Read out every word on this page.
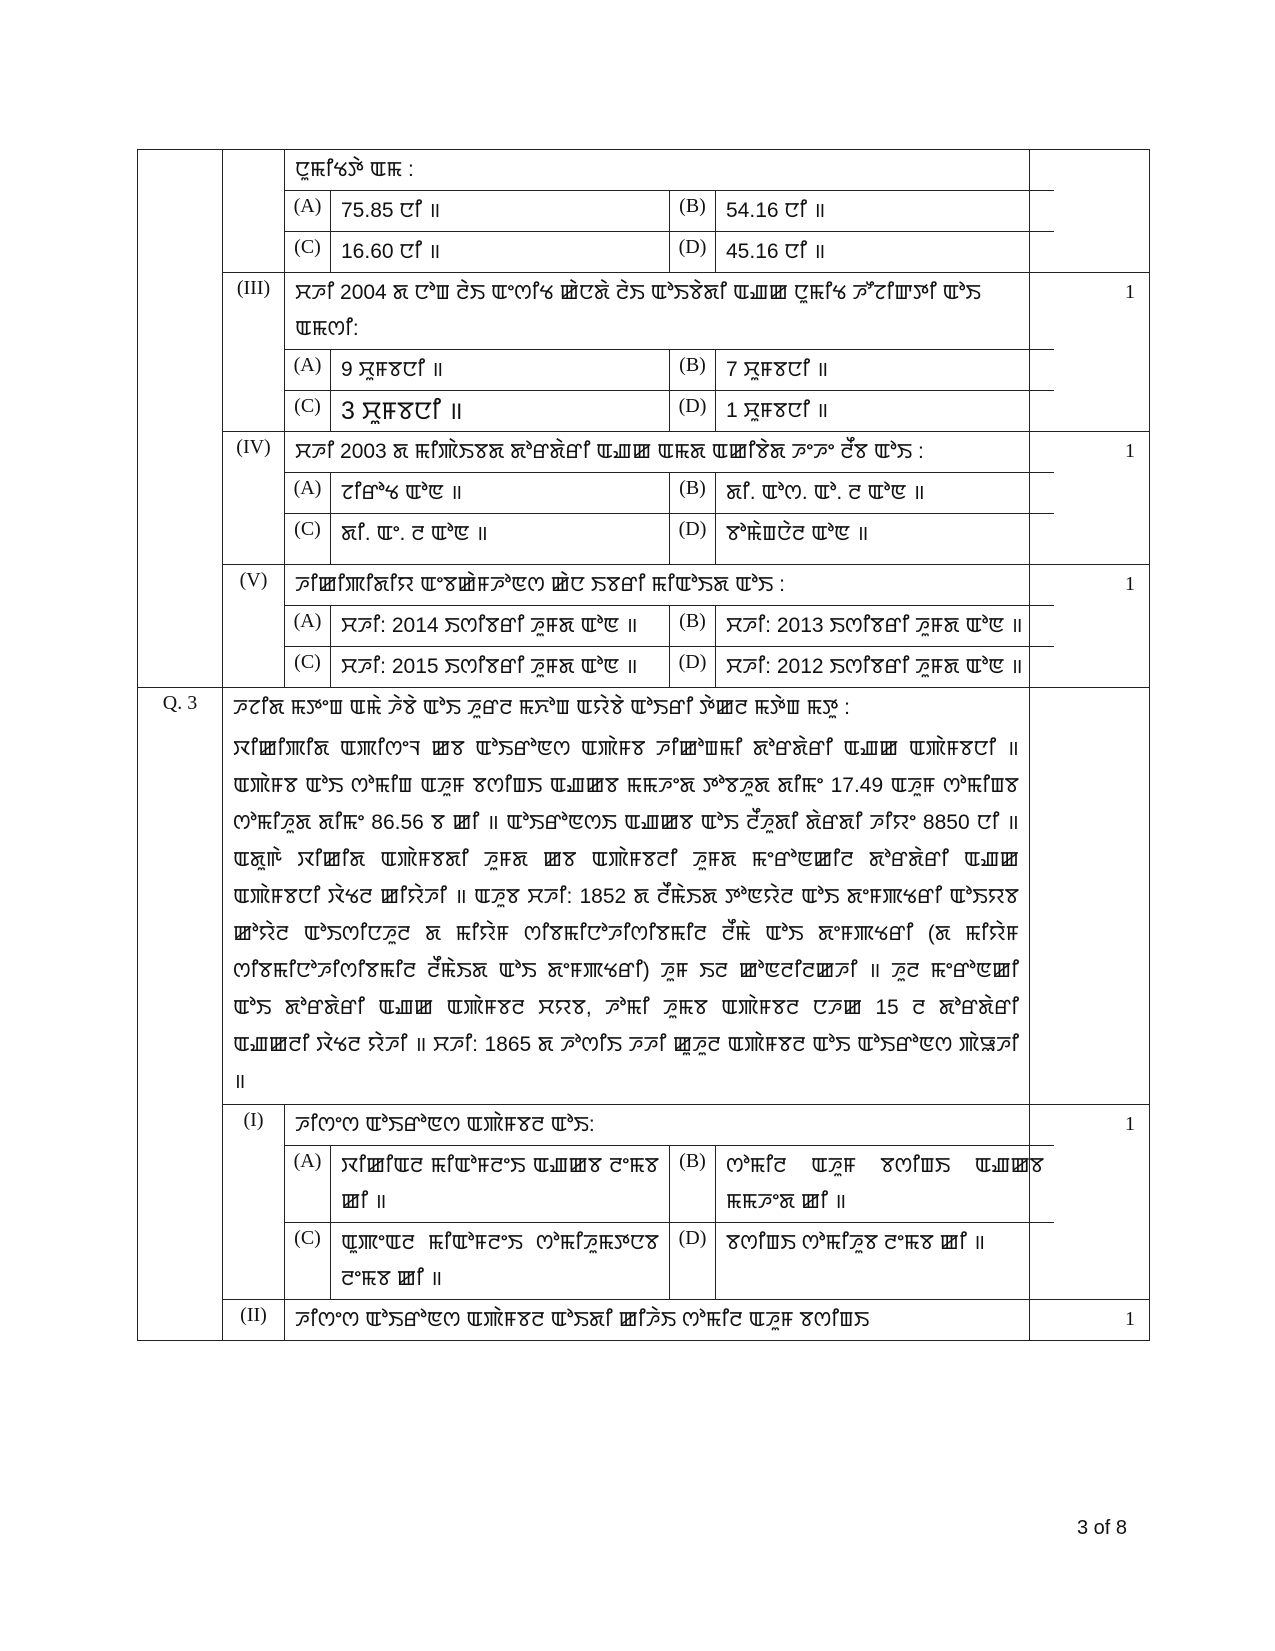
ꯅꯨꯃꯤꯠꯇꯥ ꯑꯃ :
(A)	75.85 ꯅꯤ ॥	(B)	54.16 ꯅꯤ ॥
(C)	16.60 ꯅꯤ ॥	(D)	45.16 ꯅꯤ ॥

(III)	ꯆꯍꯤ 2004 ꯗ ꯅꯣꯡ ꯂꯥꯏ ꯑꯦꯁꯤꯠ ꯀꯥꯅꯗꯥ ꯂꯥꯏ ꯑꯣꯏꯕꯥꯗꯤ ꯑꯉꯀ ꯅꯨꯃꯤꯠ ꯍꯧꯖꯤꯛꯇꯤ ꯑꯣꯏ ꯑꯃꯁꯤ:
(A)	9 ꯆꯨꯝꯕꯅꯤ ॥	(B)	7 ꯆꯨꯝꯕꯅꯤ ॥
(C)	3 ꯆꯨꯝꯕꯅꯤ ॥	(D)	1 ꯆꯨꯝꯕꯅꯤ ॥
	1
(IV)	ꯆꯍꯤ 2003 ꯗ ꯃꯤꯄꯥꯏꯕꯗ ꯗꯣꯔꯗꯥꯔꯤ ꯑꯉꯀ ꯑꯃꯗ ꯑꯀꯤꯕꯥꯗ ꯍꯦꯍꯦ ꯂꯩꯕ ꯑꯣꯏ :
(A)	ꯖꯤꯔꯣꯠ ꯑꯣꯟ ॥	(B)	ꯗꯤ. ꯑꯣꯁ. ꯑꯣ. ꯂ ꯑꯣꯟ ॥
(C)	ꯗꯤ. ꯑꯦ. ꯂ ꯑꯣꯟ ॥	(D)	ꯕꯣꯃꯥꯡꯅꯥꯂ ꯑꯣꯟ ॥
	1
(V)	ꯍꯤꯀꯤꯄꯤꯗꯤꯌ ꯑꯦꯕꯀꯥꯝꯍꯣꯟꯁ ꯀꯥꯅ ꯏꯕꯔꯤ ꯃꯤꯑꯣꯏꯗ ꯑꯣꯏ :
(A)	ꯆꯍꯤ: 2014 ꯏꯁꯤꯕꯔꯤ ꯍꯨꯝꯗ ꯑꯣꯟ ॥	(B)	ꯆꯍꯤ: 2013 ꯏꯁꯤꯕꯔꯤ ꯍꯨꯝꯗ ꯑꯣꯟ ॥
(C)	ꯆꯍꯤ: 2015 ꯏꯁꯤꯕꯔꯤ ꯍꯨꯝꯗ ꯑꯣꯟ ॥	(D)	ꯆꯍꯤ: 2012 ꯏꯁꯤꯕꯔꯤ ꯍꯨꯝꯗ ꯑꯣꯟ ॥
	1
Q. 3	ꯍꯖꯤꯗ ꯃꯇꯦꯡ ꯑꯃꯥ ꯍꯥꯕꯥ ꯑꯣꯏ ꯍꯨꯔꯂ ꯃꯈꯣꯡ ꯑꯌꯥꯕꯥ ꯑꯣꯏꯔꯤ ꯇꯥꯀꯂ ꯃꯇꯥꯡ ꯃꯇꯨ :
ꯋꯤꯀꯤꯄꯤꯗ ꯑꯄꯤꯁꯦꯜ ꯀꯕ ꯑꯣꯏꯔꯣꯟꯁ ꯑꯄꯥꯝꯕ ꯍꯤꯀꯣꯡꯃꯤ ꯗꯣꯔꯗꯥꯔꯤ ꯑꯉꯀ ꯑꯄꯥꯝꯕꯅꯤ ॥ ꯑꯄꯥꯝꯕ ꯑꯣꯏ ꯁꯣꯃꯤꯡ ꯑꯍꯨꯝ ꯕꯁꯤꯡꯏ ꯑꯉꯀꯕ ꯃꯃꯍꯦꯗ ꯇꯣꯕꯍꯨꯗ ꯗꯤꯃꯦ 17.49 ꯑꯍꯨꯝ ꯁꯣꯃꯤꯡꯕ ꯁꯣꯃꯤꯍꯨꯗ ꯗꯤꯃꯦ 86.56 ꯕ ꯀꯤ ॥ ꯑꯣꯏꯔꯣꯟꯁꯏ ꯑꯉꯀꯕ ꯑꯣꯏ ꯂꯩꯍꯨꯗꯤ ꯗꯥꯔꯗꯤ ꯍꯤꯌꯦ 8850 ꯅꯤ ॥ ꯑꯗꯨꯒꯥ ꯋꯤꯀꯤꯗ ꯑꯄꯥꯝꯕꯗꯤ ꯍꯨꯝꯗ ꯀꯕ ꯑꯄꯥꯝꯕꯂꯤ ꯍꯨꯝꯗ ꯃꯦꯔꯣꯟꯀꯤꯂ ꯗꯣꯔꯗꯥꯔꯤ ꯑꯉꯀ ꯑꯄꯥꯝꯕꯅꯤ ꯋꯥꯠꯂ ꯀꯤꯌꯥꯍꯤ ॥ ꯑꯍꯨꯕ ꯆꯍꯤ: 1852 ꯗ ꯂꯩꯃꯥꯏꯗ ꯇꯣꯟꯌꯥꯂ ꯑꯣꯏ ꯗꯦꯝꯄꯠꯔꯤ ꯑꯣꯏꯌꯕ ꯀꯣꯌꯥꯂ ꯑꯣꯏꯁꯤꯅꯍꯨꯂ ꯗ ꯃꯤꯌꯥꯝ ꯁꯤꯕꯃꯤꯅꯣꯍꯤꯁꯤꯕꯃꯤꯂ ꯂꯩꯃꯥ ꯑꯣꯏ ꯗꯦꯝꯄꯠꯔꯤ (ꯗ ꯃꯤꯌꯥꯝ ꯁꯤꯕꯃꯤꯅꯣꯍꯤꯁꯤꯕꯃꯤꯂ ꯂꯩꯃꯥꯏꯗ ꯑꯣꯏ ꯗꯦꯝꯄꯠꯔꯤ) ꯍꯨꯝ ꯏꯂ ꯀꯣꯟꯂꯤꯂꯀꯍꯤ ॥ ꯍꯨꯂ ꯃꯦꯔꯣꯟꯀꯤ ꯑꯣꯏ ꯗꯣꯔꯗꯥꯔꯤ ꯑꯉꯀ ꯑꯄꯥꯝꯕꯂ ꯆꯌꯕ, ꯍꯣꯃꯤ ꯍꯨꯃꯕ ꯑꯄꯥꯝꯕꯂ ꯅꯍꯀ 15 ꯂ ꯗꯣꯔꯗꯥꯔꯤ ꯑꯉꯀꯂꯤ ꯋꯥꯠꯂ ꯌꯥꯍꯤ ॥ ꯆꯍꯤ: 1865 ꯗ ꯍꯣꯁꯤꯏ ꯍꯍꯤ ꯀꯨꯍꯨꯂ ꯑꯄꯥꯝꯕꯂ ꯑꯣꯏ ꯑꯣꯏꯔꯣꯟꯁ ꯄꯥꯎꯍꯤ ॥

(I)	ꯍꯤꯁꯦꯁ ꯑꯣꯏꯔꯣꯟꯁ ꯑꯄꯥꯝꯕꯂ ꯑꯣꯏ:
(A)	ꯋꯤꯀꯤꯑꯂ ꯃꯤꯑꯣꯝꯂꯦꯏ ꯑꯉꯀꯕ ꯂꯦꯃꯕ ꯀꯤ ॥	(B)	ꯁꯣꯃꯤꯂ ꯑꯍꯨꯝ ꯕꯁꯤꯡꯏ ꯑꯉꯀꯕ ꯃꯃꯍꯦꯗ ꯀꯤ ॥
(C)	ꯑꯨꯄꯦꯑꯂ ꯃꯤꯑꯣꯝꯂꯦꯏ ꯁꯣꯃꯤꯍꯨꯃꯇꯅꯕ ꯂꯦꯃꯕ ꯀꯤ ॥	(D)	ꯕꯁꯤꯡꯏ ꯁꯣꯃꯤꯍꯨꯕ ꯂꯦꯃꯕ ꯀꯤ ॥
	1
(II)	ꯍꯤꯁꯦꯁ ꯑꯣꯏꯔꯣꯟꯁ ꯑꯄꯥꯝꯕꯂ ꯑꯣꯏꯗꯤ ꯀꯤꯍꯥꯏ ꯁꯣꯃꯤꯂ ꯑꯍꯨꯝ ꯕꯁꯤꯡꯏ	1
3 of 8
